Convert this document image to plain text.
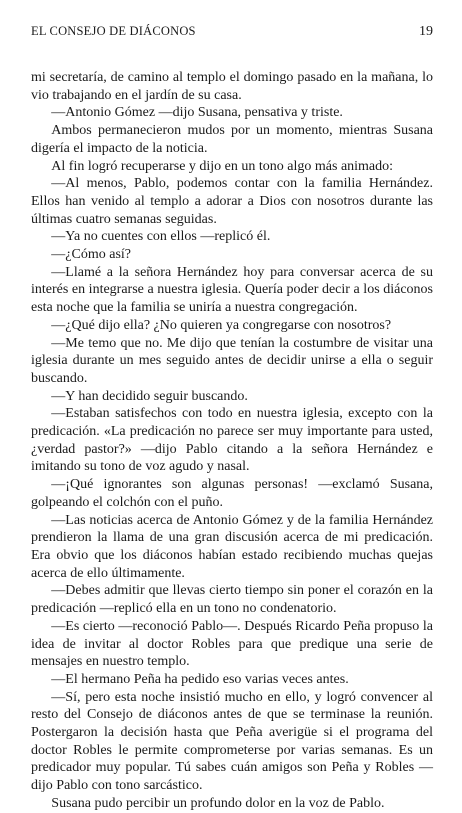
EL CONSEJO DE DIÁCONOS	19

mi secretaría, de camino al templo el domingo pasado en la mañana, lo vio trabajando en el jardín de su casa.

—Antonio Gómez —dijo Susana, pensativa y triste.

Ambos permanecieron mudos por un momento, mientras Susana digería el impacto de la noticia.

Al fin logró recuperarse y dijo en un tono algo más animado:

—Al menos, Pablo, podemos contar con la familia Hernández. Ellos han venido al templo a adorar a Dios con nosotros durante las últimas cuatro semanas seguidas.

—Ya no cuentes con ellos —replicó él.

—¿Cómo así?

—Llamé a la señora Hernández hoy para conversar acerca de su interés en integrarse a nuestra iglesia. Quería poder decir a los diáconos esta noche que la familia se uniría a nuestra congregación.

—¿Qué dijo ella? ¿No quieren ya congregarse con nosotros?

—Me temo que no. Me dijo que tenían la costumbre de visitar una iglesia durante un mes seguido antes de decidir unirse a ella o seguir buscando.

—Y han decidido seguir buscando.

—Estaban satisfechos con todo en nuestra iglesia, excepto con la predicación. «La predicación no parece ser muy importante para usted, ¿verdad pastor?» —dijo Pablo citando a la señora Hernández e imitando su tono de voz agudo y nasal.

—¡Qué ignorantes son algunas personas! —exclamó Susana, golpeando el colchón con el puño.

—Las noticias acerca de Antonio Gómez y de la familia Hernández prendieron la llama de una gran discusión acerca de mi predicación. Era obvio que los diáconos habían estado recibiendo muchas quejas acerca de ello últimamente.

—Debes admitir que llevas cierto tiempo sin poner el corazón en la predicación —replicó ella en un tono no condenatorio.

—Es cierto —reconoció Pablo—. Después Ricardo Peña propuso la idea de invitar al doctor Robles para que predique una serie de mensajes en nuestro templo.

—El hermano Peña ha pedido eso varias veces antes.

—Sí, pero esta noche insistió mucho en ello, y logró convencer al resto del Consejo de diáconos antes de que se terminase la reunión. Postergaron la decisión hasta que Peña averigüe si el programa del doctor Robles le permite comprometerse por varias semanas. Es un predicador muy popular. Tú sabes cuán amigos son Peña y Robles —dijo Pablo con tono sarcástico.

Susana pudo percibir un profundo dolor en la voz de Pablo.
